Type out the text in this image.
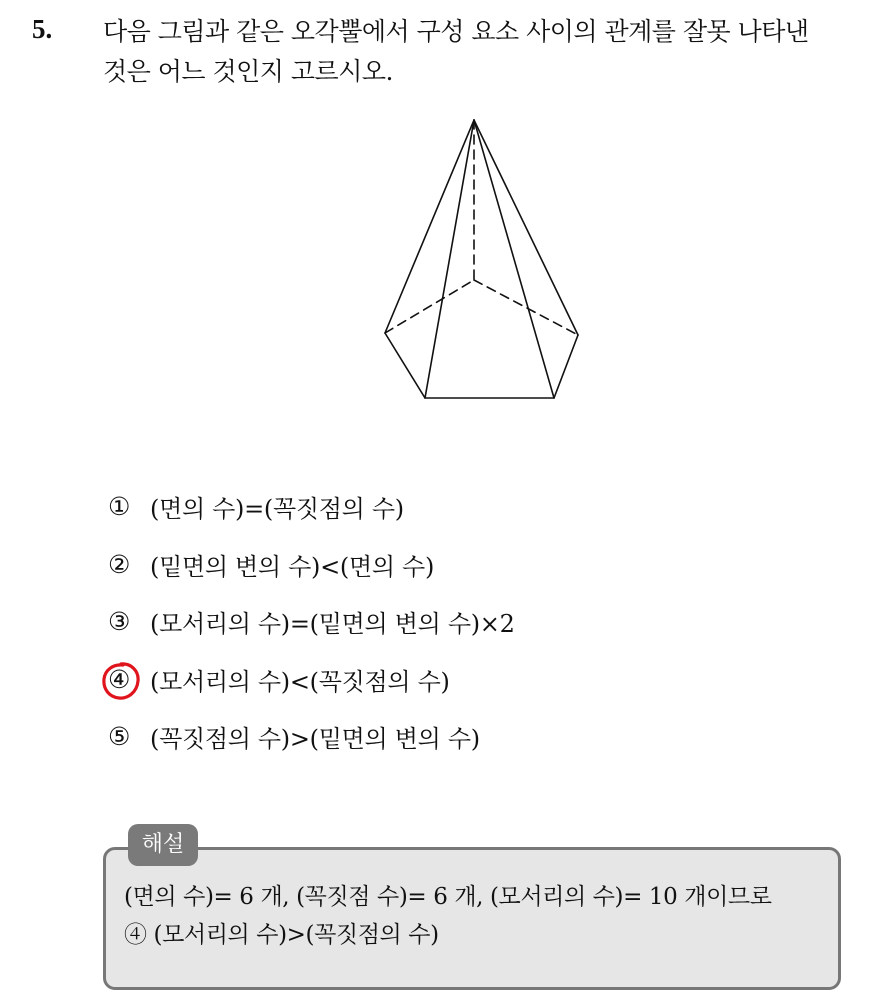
5. 다음 그림과 같은 오각뿔에서 구성 요소 사이의 관계를 잘못 나타낸
것은 어느 것인지 고르시오.
① (면의 수)=(꼭짓점의 수)
② (밑면의 변의 수)<(면의 수)
③ (모서리의 수)=(밑면의 변의 수)×2
④ (모서리의 수)<(꼭짓점의 수)
⑤ (꼭짓점의 수)>(밑면의 변의 수)
해설
(면의 수)= 6 개, (꼭짓점 수)= 6 개, (모서리의 수)= 10 개이므로
④ (모서리의 수)>(꼭짓점의 수)
